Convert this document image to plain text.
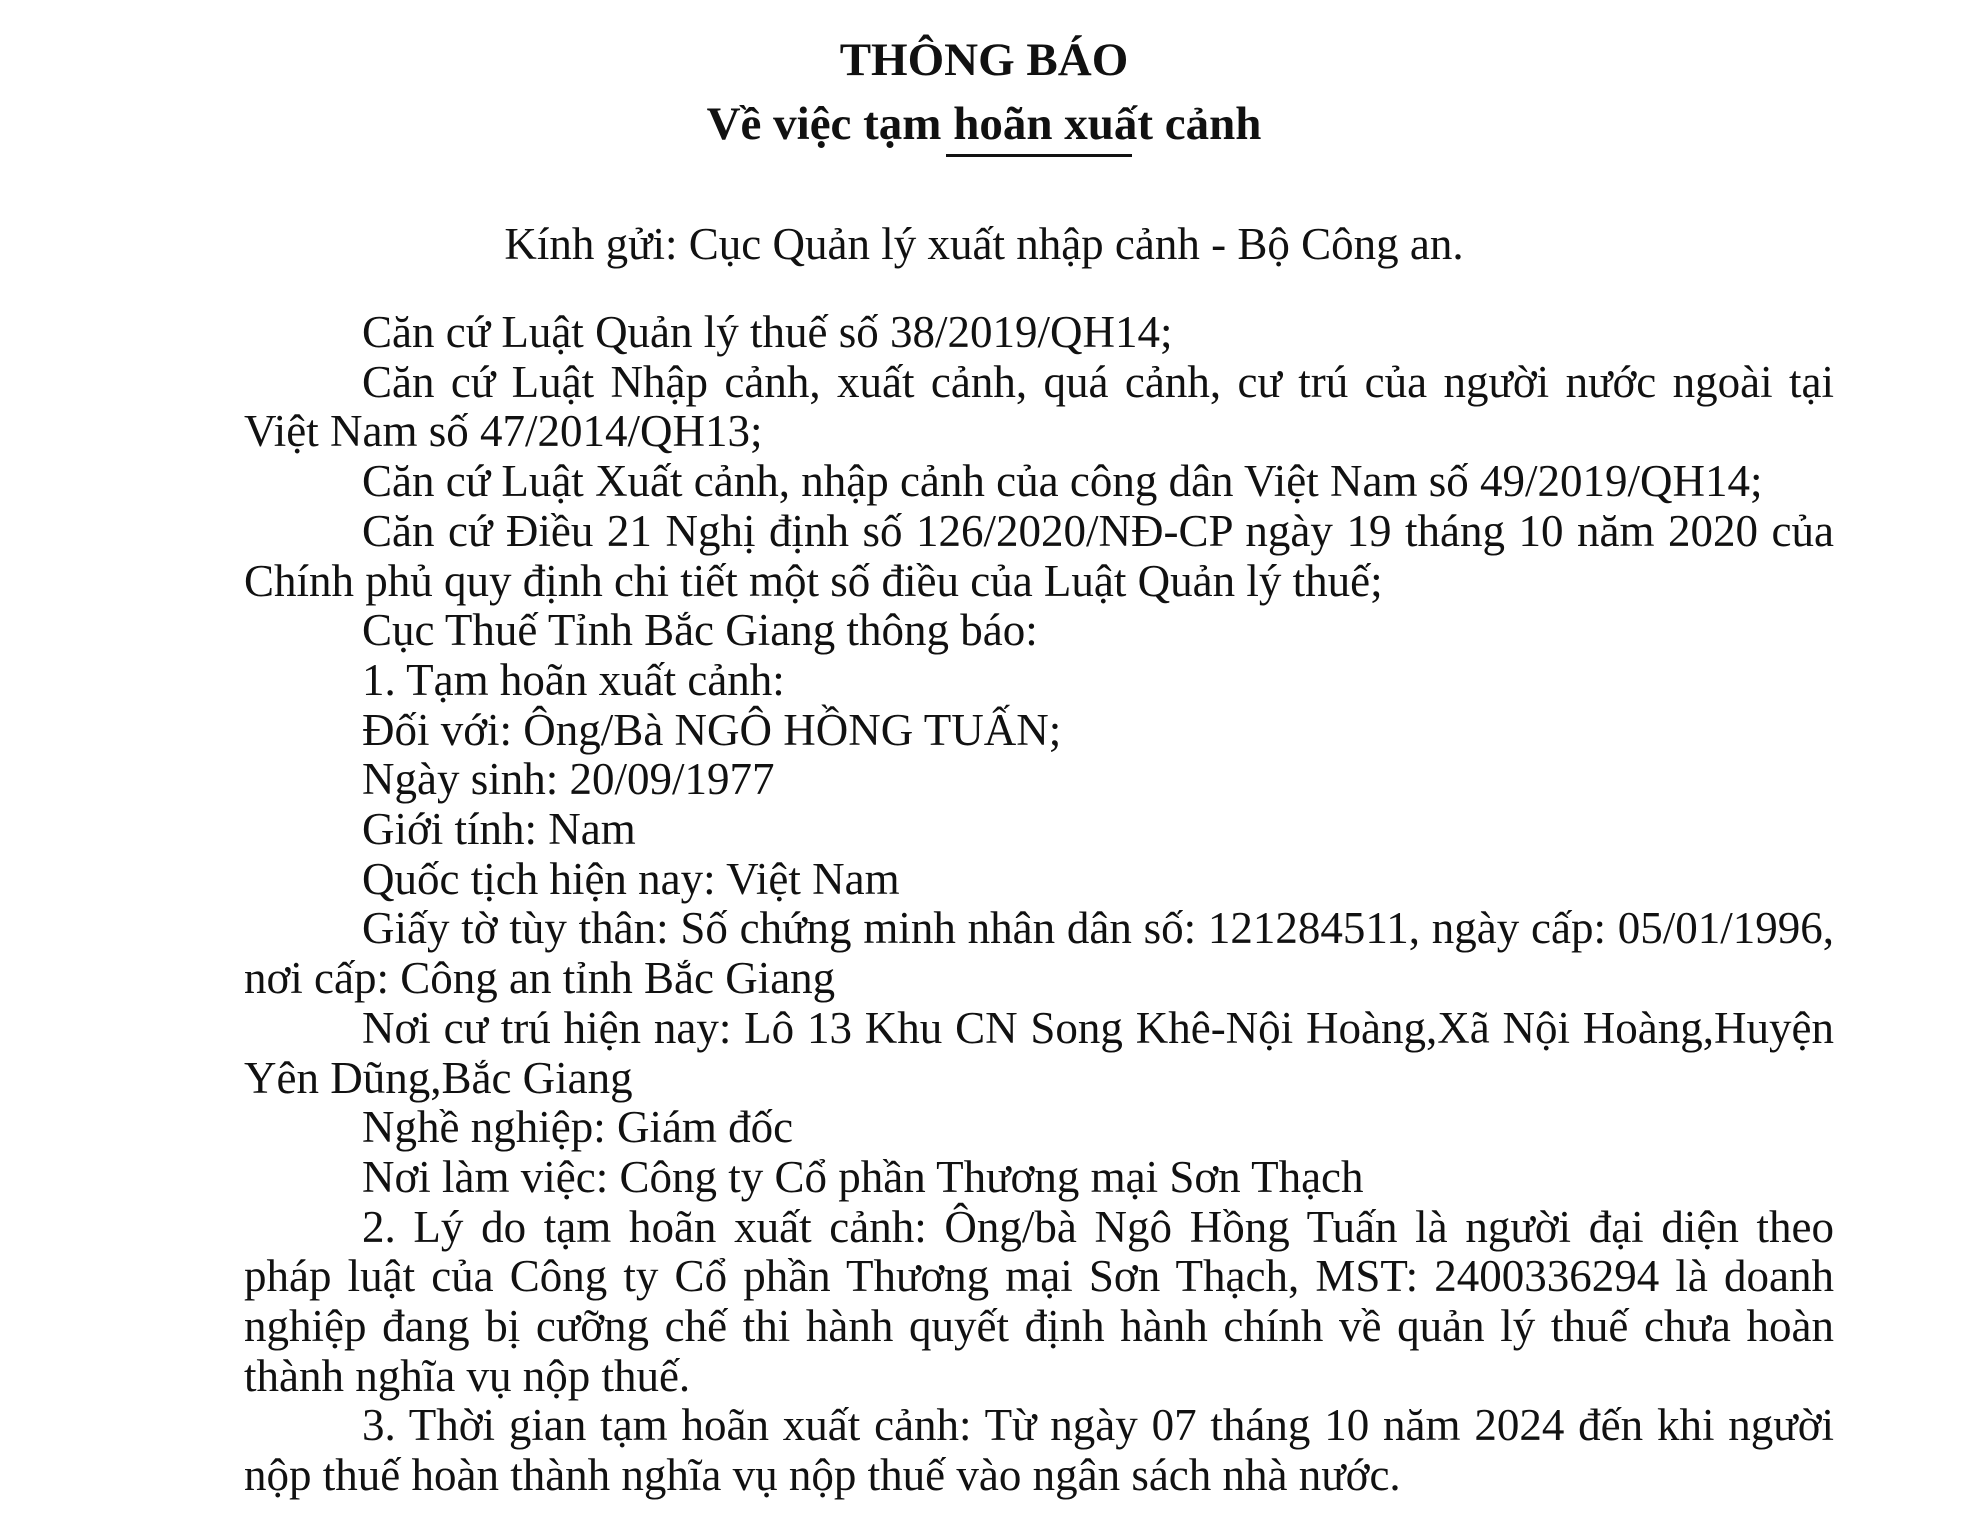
THÔNG BÁO
Về việc tạm hoãn xuất cảnh
Kính gửi: Cục Quản lý xuất nhập cảnh - Bộ Công an.

Căn cứ Luật Quản lý thuế số 38/2019/QH14;

Căn cứ Luật Nhập cảnh, xuất cảnh, quá cảnh, cư trú của người nước ngoài tại Việt Nam số 47/2014/QH13;

Căn cứ Luật Xuất cảnh, nhập cảnh của công dân Việt Nam số 49/2019/QH14;

Căn cứ Điều 21 Nghị định số 126/2020/NĐ-CP ngày 19 tháng 10 năm 2020 của Chính phủ quy định chi tiết một số điều của Luật Quản lý thuế;

Cục Thuế Tỉnh Bắc Giang thông báo:

1. Tạm hoãn xuất cảnh:

Đối với: Ông/Bà NGÔ HỒNG TUẤN;

Ngày sinh: 20/09/1977

Giới tính: Nam

Quốc tịch hiện nay: Việt Nam

Giấy tờ tùy thân: Số chứng minh nhân dân số: 121284511, ngày cấp: 05/01/1996, nơi cấp: Công an tỉnh Bắc Giang

Nơi cư trú hiện nay: Lô 13 Khu CN Song Khê-Nội Hoàng,Xã Nội Hoàng,Huyện Yên Dũng,Bắc Giang

Nghề nghiệp: Giám đốc

Nơi làm việc: Công ty Cổ phần Thương mại Sơn Thạch

2. Lý do tạm hoãn xuất cảnh: Ông/bà Ngô Hồng Tuấn là người đại diện theo pháp luật của Công ty Cổ phần Thương mại Sơn Thạch, MST: 2400336294 là doanh nghiệp đang bị cưỡng chế thi hành quyết định hành chính về quản lý thuế chưa hoàn thành nghĩa vụ nộp thuế.

3. Thời gian tạm hoãn xuất cảnh: Từ ngày 07 tháng 10 năm 2024 đến khi người nộp thuế hoàn thành nghĩa vụ nộp thuế vào ngân sách nhà nước.
